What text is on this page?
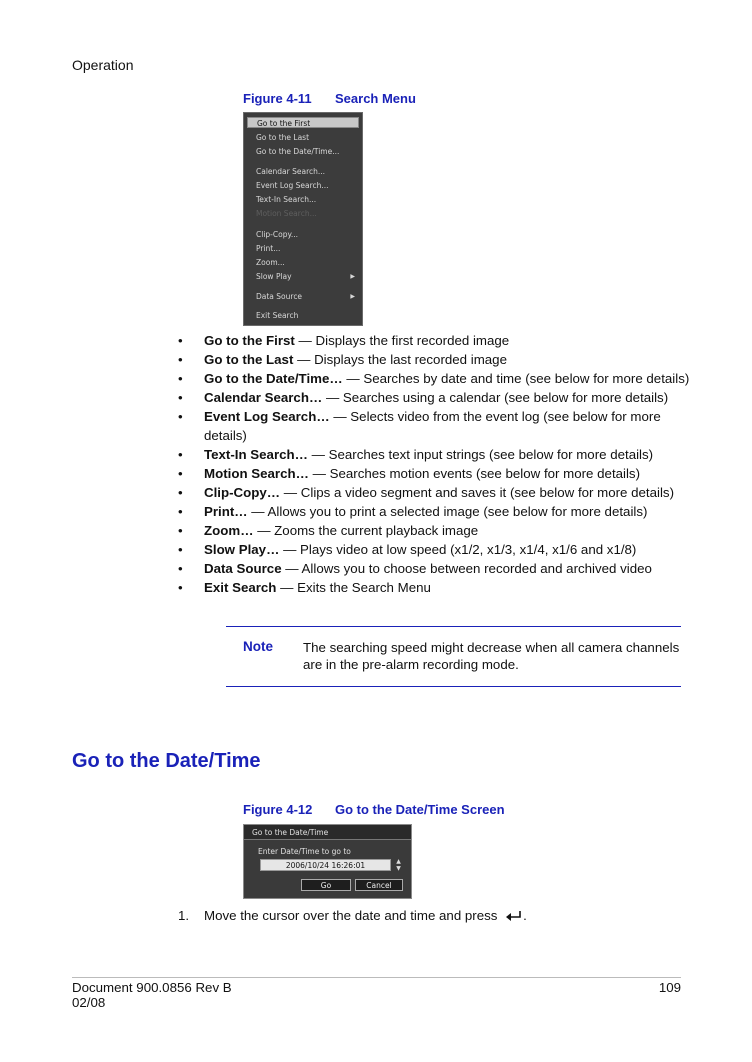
Operation
Figure 4-11 Search Menu
Go to the First
Go to the Last
Go to the Date/Time...
Calendar Search...
Event Log Search...
Text-In Search...
Motion Search...
Clip-Copy...
Print...
Zoom...
Slow Play	▶
Data Source	▶
Exit Search
• Go to the First — Displays the first recorded image
• Go to the Last — Displays the last recorded image
• Go to the Date/Time… — Searches by date and time (see below for more details)
• Calendar Search… — Searches using a calendar (see below for more details)
• Event Log Search… — Selects video from the event log (see below for more details)
• Text-In Search… — Searches text input strings (see below for more details)
• Motion Search… — Searches motion events (see below for more details)
• Clip-Copy… — Clips a video segment and saves it (see below for more details)
• Print… — Allows you to print a selected image (see below for more details)
• Zoom… — Zooms the current playback image
• Slow Play… — Plays video at low speed (x1/2, x1/3, x1/4, x1/6 and x1/8)
• Data Source — Allows you to choose between recorded and archived video
• Exit Search — Exits the Search Menu
Note The searching speed might decrease when all camera channels are in the pre-alarm recording mode.
Go to the Date/Time
Figure 4-12 Go to the Date/Time Screen
Go to the Date/Time
Enter Date/Time to go to
2006/10/24 16:26:01	▲
▼
Go	Cancel
1. Move the cursor over the date and time and press .
Document 900.0856 Rev B
02/08
109
